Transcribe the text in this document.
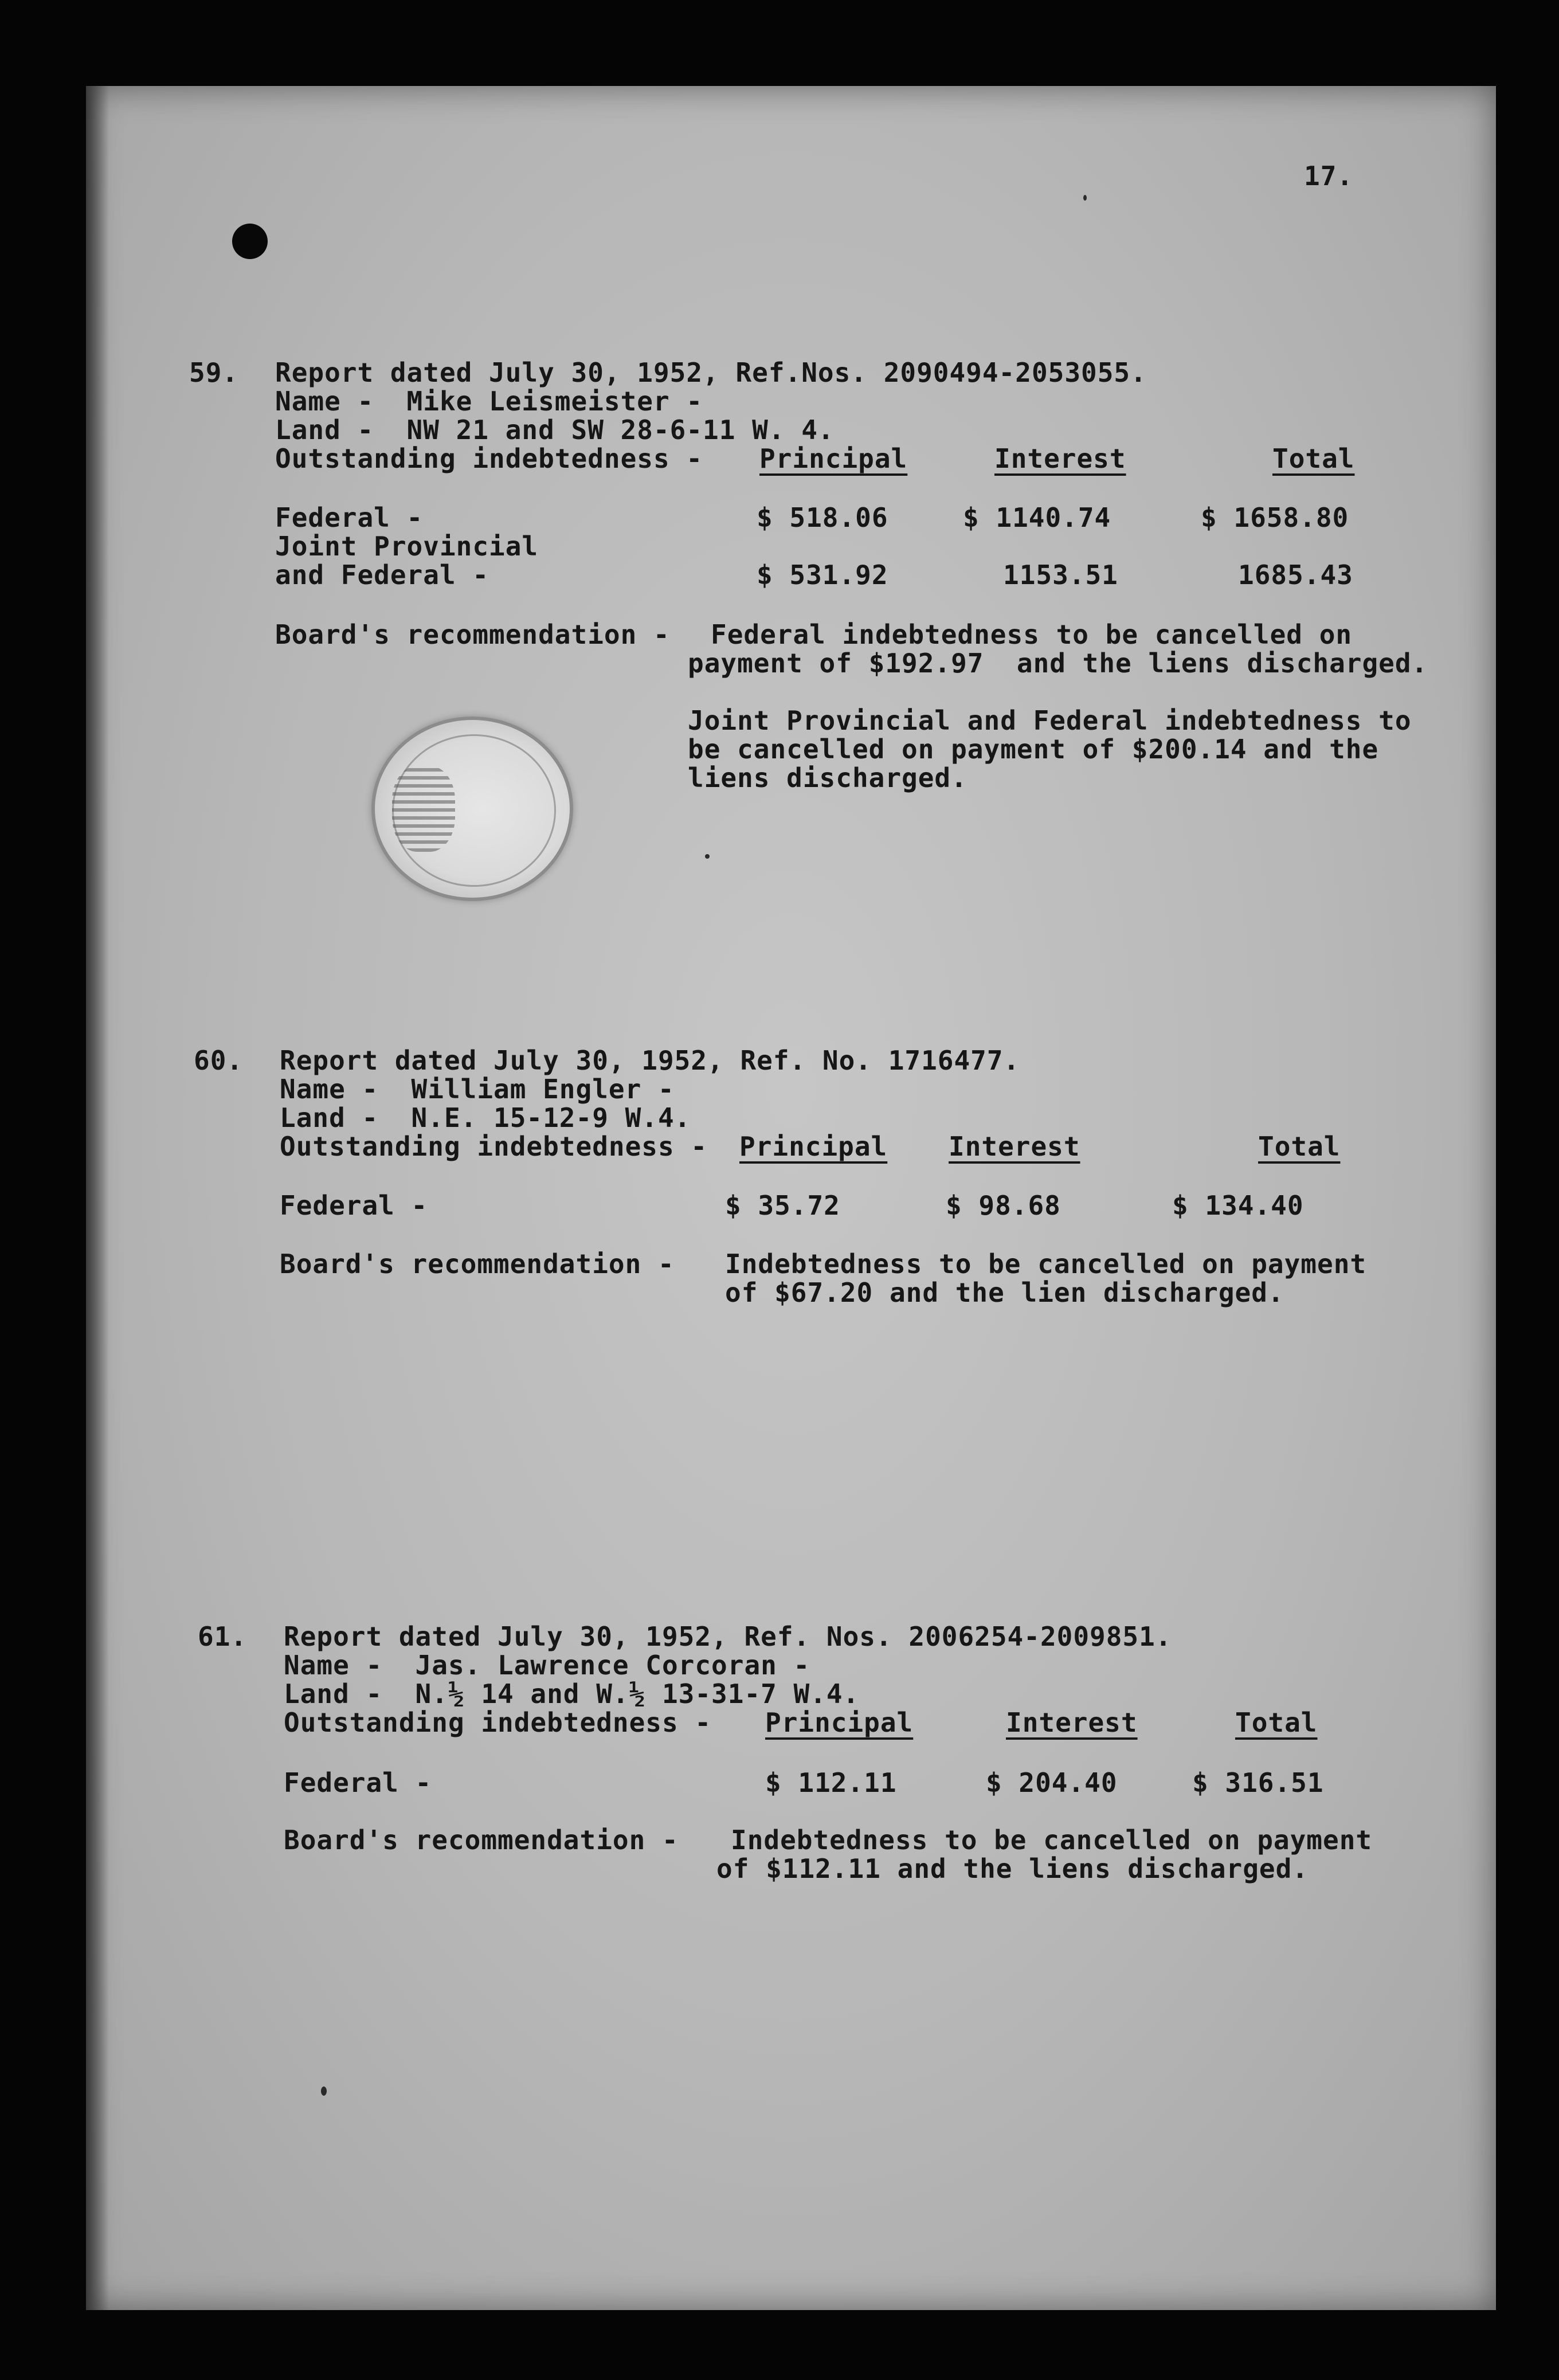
17.
59. Report dated July 30, 1952, Ref.Nos. 2090494-2053055.
Name -  Mike Leismeister -
Land -  NW 21 and SW 28-6-11 W. 4.
Outstanding indebtedness - Principal	Interest	Total
Federal -	$ 518.06	$ 1140.74	$ 1658.80
Joint Provincial
and Federal -	$ 531.92	1153.51	1685.43
Board's recommendation - Federal indebtedness to be cancelled on
payment of $192.97  and the liens discharged.
Joint Provincial and Federal indebtedness to
be cancelled on payment of $200.14 and the
liens discharged.
60. Report dated July 30, 1952, Ref. No. 1716477.
Name -  William Engler -
Land -  N.E. 15-12-9 W.4.
Outstanding indebtedness - Principal Interest	Total
Federal -	$ 35.72	$ 98.68	$ 134.40
Board's recommendation - Indebtedness to be cancelled on payment
of $67.20 and the lien discharged.
61. Report dated July 30, 1952, Ref. Nos. 2006254-2009851.
Name -  Jas. Lawrence Corcoran -
Land -  N.½ 14 and W.½ 13-31-7 W.4.
Outstanding indebtedness - Principal	Interest	Total
Federal -	$ 112.11	$ 204.40	$ 316.51
Board's recommendation - Indebtedness to be cancelled on payment
of $112.11 and the liens discharged.
